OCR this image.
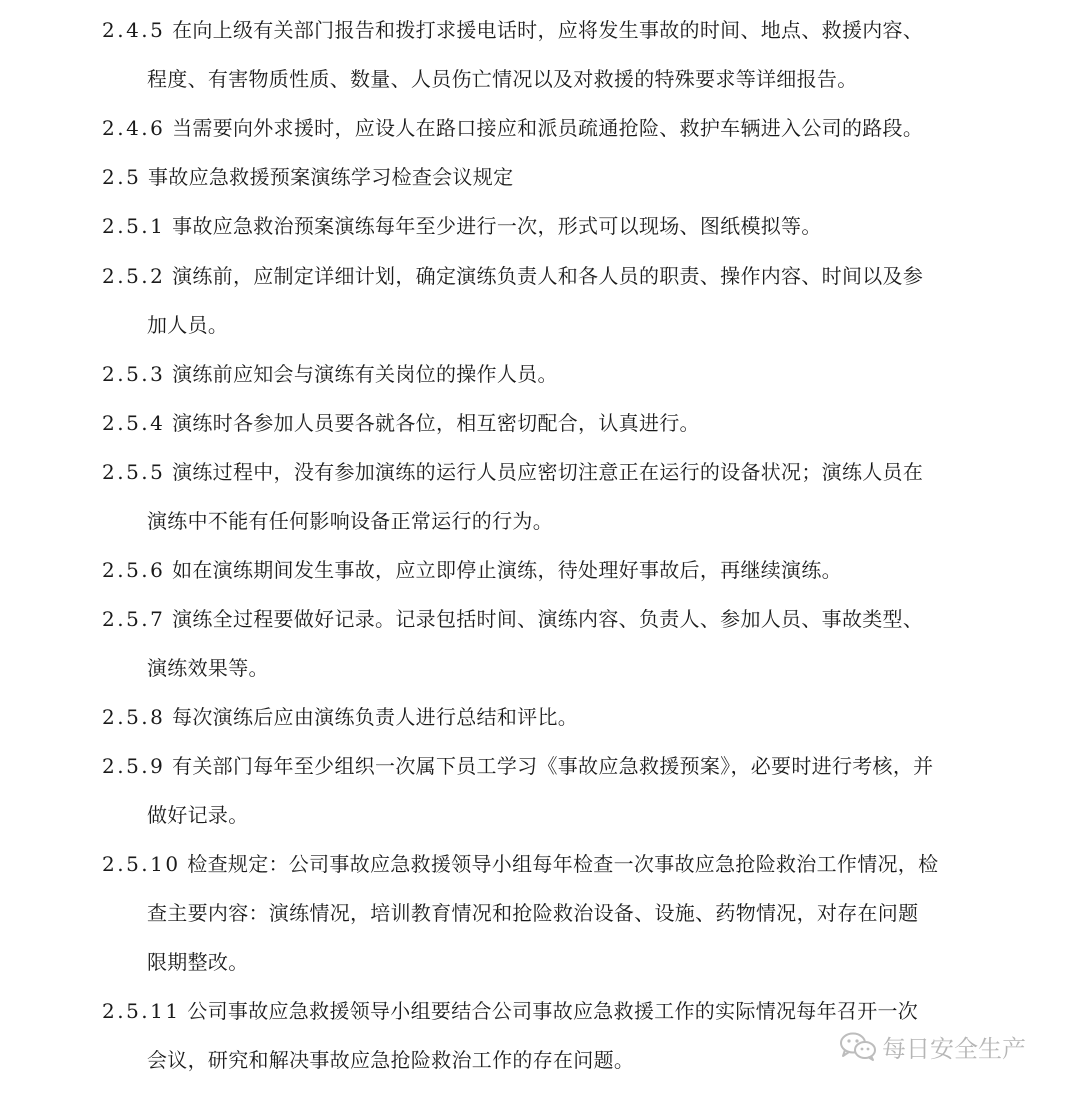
2.4.5 在向上级有关部门报告和拨打求援电话时，应将发生事故的时间、地点、救援内容、
程度、有害物质性质、数量、人员伤亡情况以及对救援的特殊要求等详细报告。
2.4.6 当需要向外求援时，应设人在路口接应和派员疏通抢险、救护车辆进入公司的路段。
2.5 事故应急救援预案演练学习检查会议规定
2.5.1 事故应急救治预案演练每年至少进行一次，形式可以现场、图纸模拟等。
2.5.2 演练前，应制定详细计划，确定演练负责人和各人员的职责、操作内容、时间以及参
加人员。
2.5.3 演练前应知会与演练有关岗位的操作人员。
2.5.4 演练时各参加人员要各就各位，相互密切配合，认真进行。
2.5.5 演练过程中，没有参加演练的运行人员应密切注意正在运行的设备状况；演练人员在
演练中不能有任何影响设备正常运行的行为。
2.5.6 如在演练期间发生事故，应立即停止演练，待处理好事故后，再继续演练。
2.5.7 演练全过程要做好记录。记录包括时间、演练内容、负责人、参加人员、事故类型、
演练效果等。
2.5.8 每次演练后应由演练负责人进行总结和评比。
2.5.9 有关部门每年至少组织一次属下员工学习《事故应急救援预案》，必要时进行考核，并
做好记录。
2.5.10 检查规定：公司事故应急救援领导小组每年检查一次事故应急抢险救治工作情况，检
查主要内容：演练情况，培训教育情况和抢险救治设备、设施、药物情况，对存在问题
限期整改。
2.5.11 公司事故应急救援领导小组要结合公司事故应急救援工作的实际情况每年召开一次
会议，研究和解决事故应急抢险救治工作的存在问题。	每日安全生产
